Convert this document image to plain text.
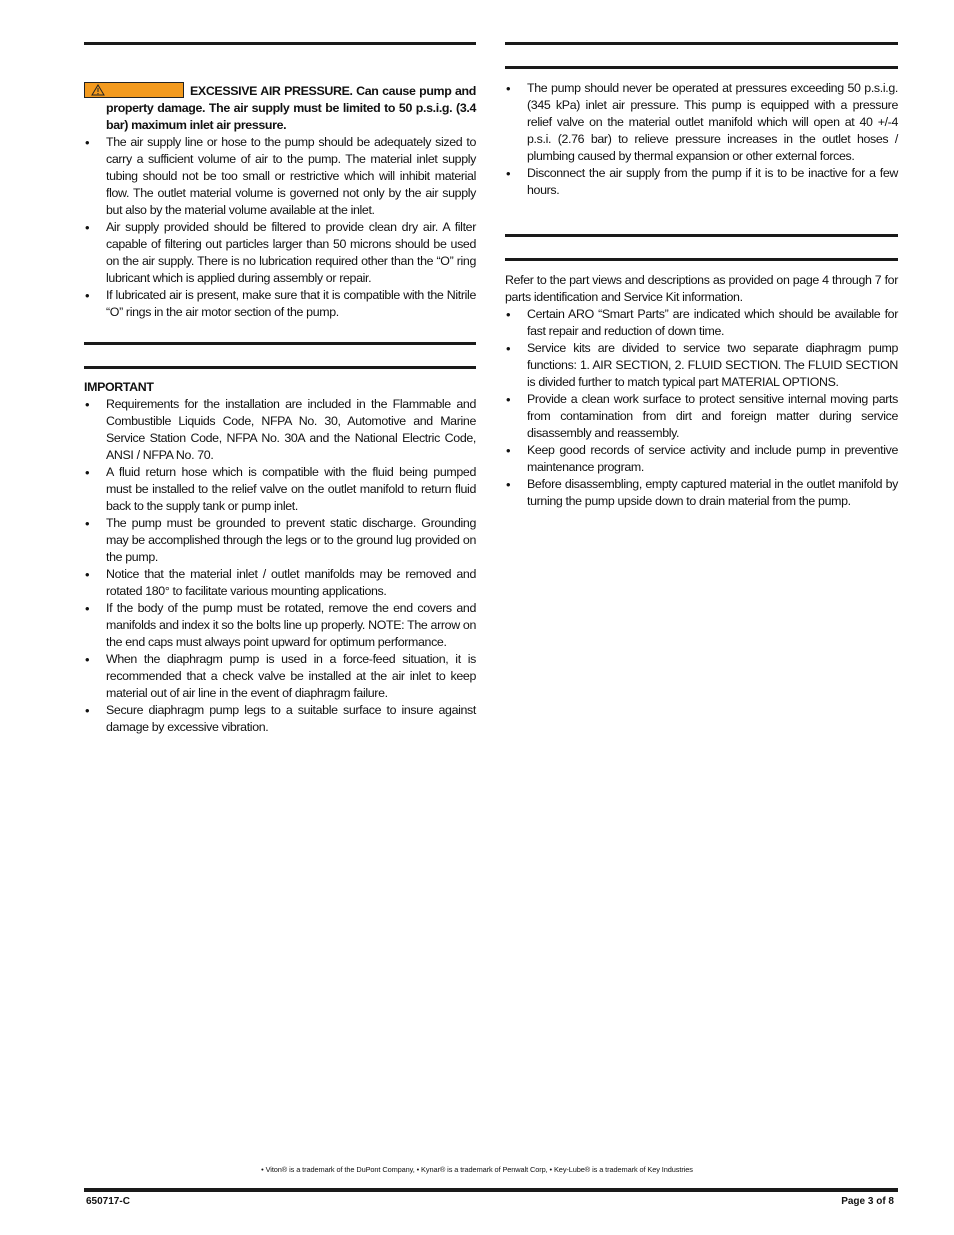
EXCESSIVE AIR PRESSURE. Can cause pump and property damage. The air supply must be limited to 50 p.s.i.g. (3.4 bar) maximum inlet air pressure.
• The air supply line or hose to the pump should be adequately sized to carry a sufficient volume of air to the pump. The material inlet supply tubing should not be too small or restrictive which will inhibit material flow. The outlet material volume is governed not only by the air supply but also by the material volume available at the inlet.
• Air supply provided should be filtered to provide clean dry air. A filter capable of filtering out particles larger than 50 microns should be used on the air supply. There is no lubrication required other than the “O” ring lubricant which is applied during assembly or repair.
• If lubricated air is present, make sure that it is compatible with the Nitrile “O” rings in the air motor section of the pump.
IMPORTANT
• Requirements for the installation are included in the Flammable and Combustible Liquids Code, NFPA No. 30, Automotive and Marine Service Station Code, NFPA No. 30A and the National Electric Code, ANSI / NFPA No. 70.
• A fluid return hose which is compatible with the fluid being pumped must be installed to the relief valve on the outlet manifold to return fluid back to the supply tank or pump inlet.
• The pump must be grounded to prevent static discharge. Grounding may be accomplished through the legs or to the ground lug provided on the pump.
• Notice that the material inlet / outlet manifolds may be removed and rotated 180° to facilitate various mounting applications.
• If the body of the pump must be rotated, remove the end covers and manifolds and index it so the bolts line up properly. NOTE: The arrow on the end caps must always point upward for optimum performance.
• When the diaphragm pump is used in a force-feed situation, it is recommended that a check valve be installed at the air inlet to keep material out of air line in the event of diaphragm failure.
• Secure diaphragm pump legs to a suitable surface to insure against damage by excessive vibration.
• The pump should never be operated at pressures exceeding 50 p.s.i.g. (345 kPa) inlet air pressure. This pump is equipped with a pressure relief valve on the material outlet manifold which will open at 40 +/-4 p.s.i. (2.76 bar) to relieve pressure increases in the outlet hoses / plumbing caused by thermal expansion or other external forces.
• Disconnect the air supply from the pump if it is to be inactive for a few hours.
Refer to the part views and descriptions as provided on page 4 through 7 for parts identification and Service Kit information.
• Certain ARO “Smart Parts” are indicated which should be available for fast repair and reduction of down time.
• Service kits are divided to service two separate diaphragm pump functions: 1. AIR SECTION, 2. FLUID SECTION. The FLUID SECTION is divided further to match typical part MATERIAL OPTIONS.
• Provide a clean work surface to protect sensitive internal moving parts from contamination from dirt and foreign matter during service disassembly and reassembly.
• Keep good records of service activity and include pump in preventive maintenance program.
• Before disassembling, empty captured material in the outlet manifold by turning the pump upside down to drain material from the pump.
• Viton® is a trademark of the DuPont Company, • Kynar® is a trademark of Penwalt Corp, • Key-Lube® is a trademark of Key Industries
650717-C	Page 3 of 8
